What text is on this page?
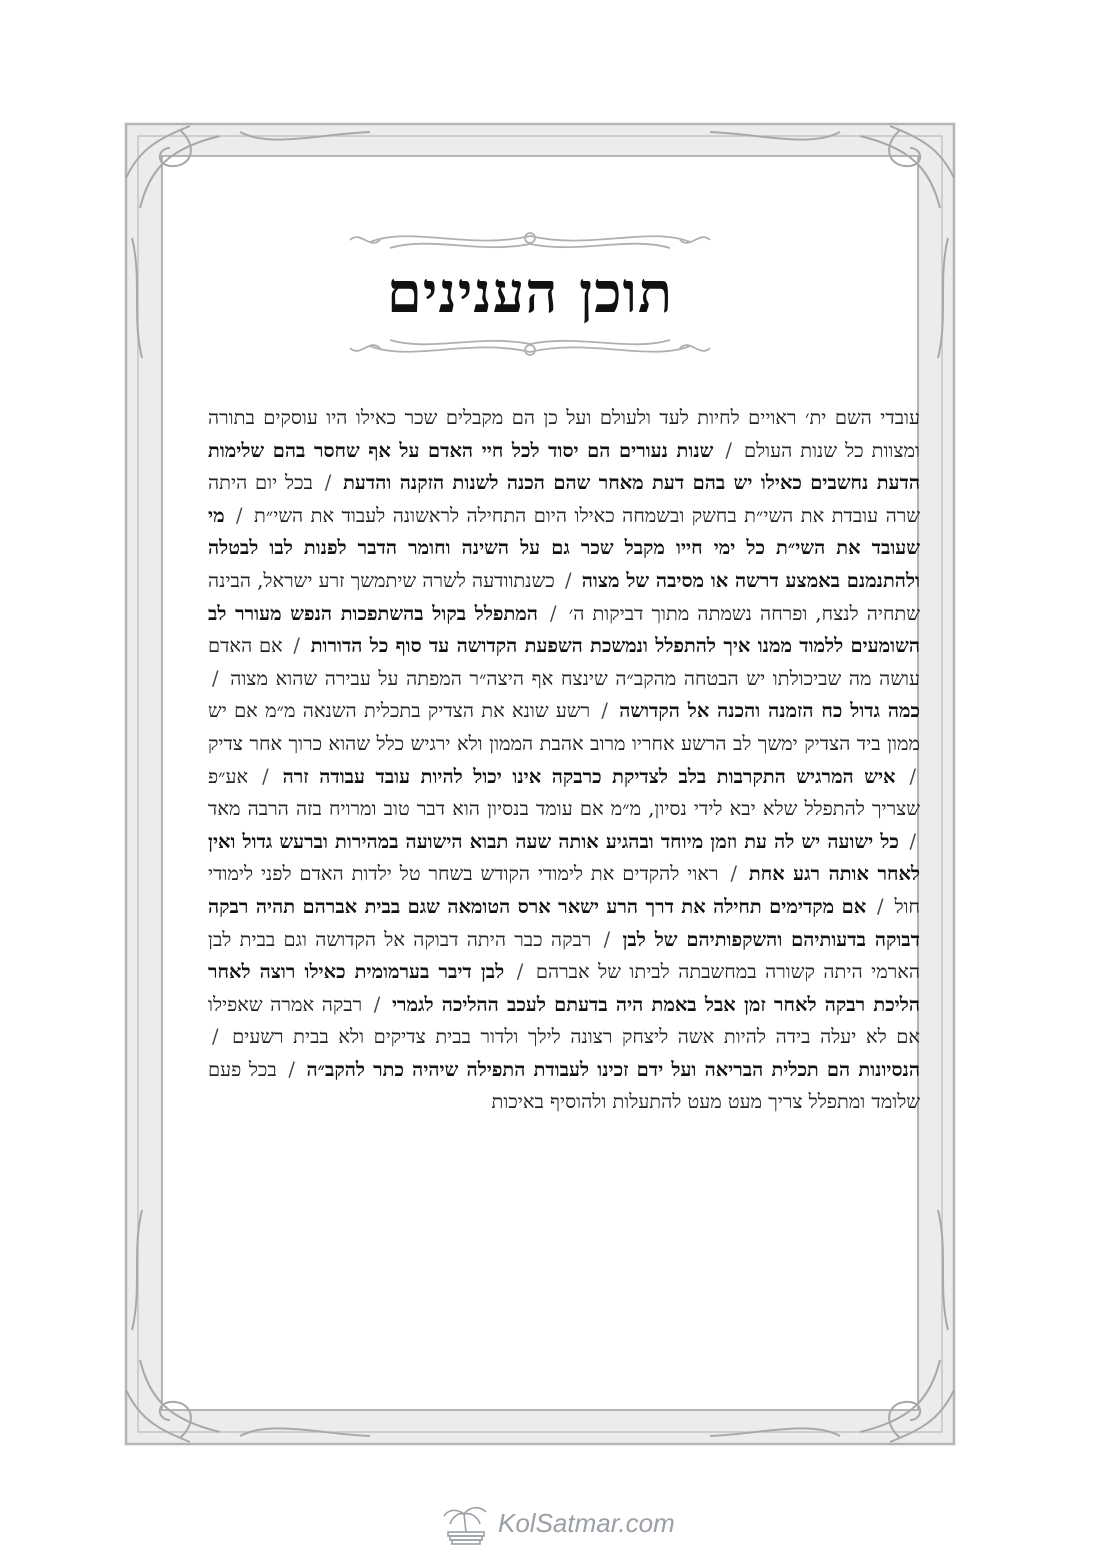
תוכן הענינים
עובדי השם ית׳ ראויים לחיות לעד ולעולם ועל כן הם מקבלים שכר כאילו היו עוסקים בתורה ומצוות כל שנות העולם / שנות נעורים הם יסוד לכל חיי האדם על אף שחסר בהם שלימות הדעת נחשבים כאילו יש בהם דעת מאחר שהם הכנה לשנות הזקנה והדעת / בכל יום היתה שרה עובדת את השי״ת בחשק ובשמחה כאילו היום התחילה לראשונה לעבוד את השי״ת / מי שעובד את השי״ת כל ימי חייו מקבל שכר גם על השינה וחומר הדבר לפנות לבו לבטלה ולהתנמנם באמצע דרשה או מסיבה של מצוה / כשנתוודעה לשרה שיתמשך זרע ישראל, הבינה שתחיה לנצח, ופרחה נשמתה מתוך דביקות ה׳ / המתפלל בקול בהשתפכות הנפש מעורר לב השומעים ללמוד ממנו איך להתפלל ונמשכת השפעת הקדושה עד סוף כל הדורות / אם האדם עושה מה שביכולתו יש הבטחה מהקב״ה שינצח אף היצה״ר המפתה על עבירה שהוא מצוה / כמה גדול כח הזמנה והכנה אל הקדושה / רשע שונא את הצדיק בתכלית השנאה מ״מ אם יש ממון ביד הצדיק ימשך לב הרשע אחריו מרוב אהבת הממון ולא ירגיש כלל שהוא כרוך אחר צדיק / איש המרגיש התקרבות בלב לצדיקת כרבקה אינו יכול להיות עובד עבודה זרה / אע״פ שצריך להתפלל שלא יבא לידי נסיון, מ״מ אם עומד בנסיון הוא דבר טוב ומרויח בזה הרבה מאד / כל ישועה יש לה עת וזמן מיוחד ובהגיע אותה שעה תבוא הישועה במהירות וברעש גדול ואין לאחר אותה רגע אחת / ראוי להקדים את לימודי הקודש בשחר טל ילדות האדם לפני לימודי חול / אם מקדימים תחילה את דרך הרע ישאר ארס הטומאה שגם בבית אברהם תהיה רבקה דבוקה בדעותיהם והשקפותיהם של לבן / רבקה כבר היתה דבוקה אל הקדושה וגם בבית לבן הארמי היתה קשורה במחשבתה לביתו של אברהם / לבן דיבר בערמומית כאילו רוצה לאחר הליכת רבקה לאחר זמן אבל באמת היה בדעתם לעכב ההליכה לגמרי / רבקה אמרה שאפילו אם לא יעלה בידה להיות אשה ליצחק רצונה לילך ולדור בבית צדיקים ולא בבית רשעים / הנסיונות הם תכלית הבריאה ועל ידם זכינו לעבודת התפילה שיהיה כתר להקב״ה / בכל פעם שלומד ומתפלל צריך מעט מעט להתעלות ולהוסיף באיכות
KolSatmar.com
